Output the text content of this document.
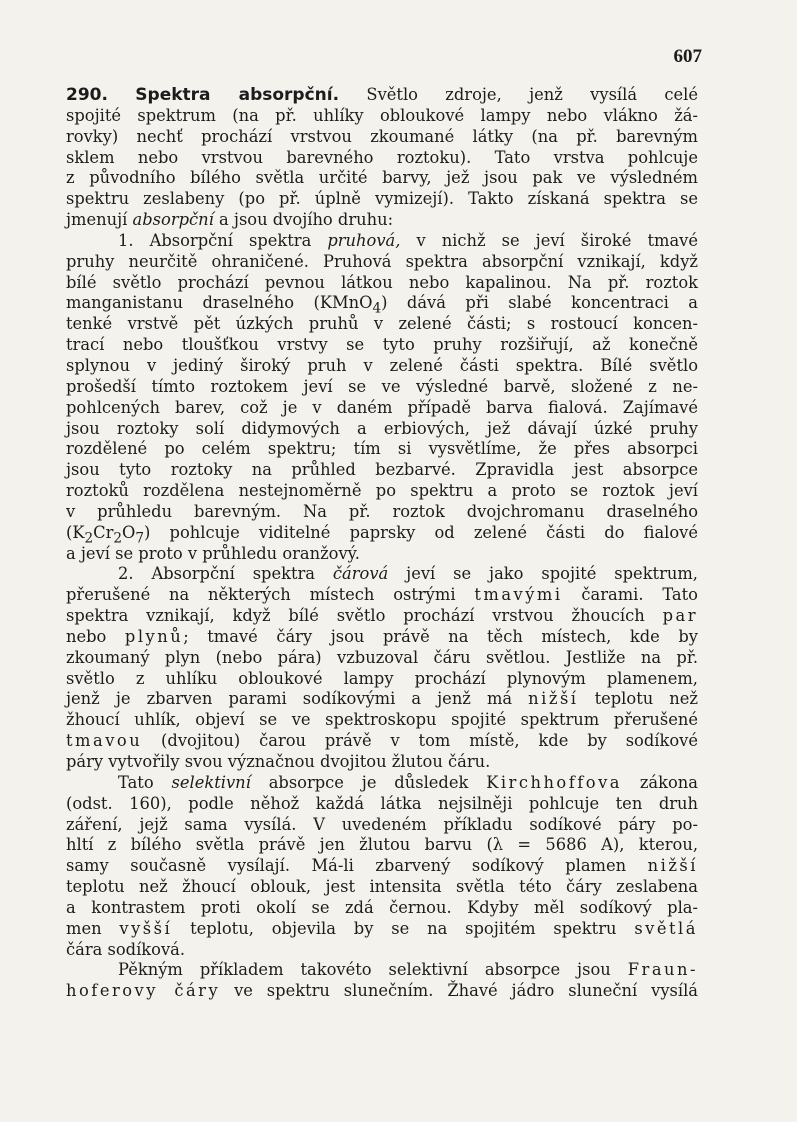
607
290. Spektra absorpční. Světlo zdroje, jenž vysílá celé
spojité spektrum (na př. uhlíky obloukové lampy nebo vlákno žá-
rovky) nechť prochází vrstvou zkoumané látky (na př. barevným
sklem nebo vrstvou barevného roztoku). Tato vrstva pohlcuje
z původního bílého světla určité barvy, jež jsou pak ve výsledném
spektru zeslabeny (po př. úplně vymizejí). Takto získaná spektra se
jmenují absorpční a jsou dvojího druhu:
1. Absorpční spektra pruhová, v nichž se jeví široké tmavé
pruhy neurčitě ohraničené. Pruhová spektra absorpční vznikají, když
bílé světlo prochází pevnou látkou nebo kapalinou. Na př. roztok
manganistanu draselného (KMnO$_4$) dává při slabé koncentraci a
tenké vrstvě pět úzkých pruhů v zelené části; s rostoucí koncen-
trací nebo tloušťkou vrstvy se tyto pruhy rozšiřují, až konečně
splynou v jediný široký pruh v zelené části spektra. Bílé světlo
prošedší tímto roztokem jeví se ve výsledné barvě, složené z ne-
pohlcených barev, což je v daném případě barva fialová. Zajímavé
jsou roztoky solí didymových a erbiových, jež dávají úzké pruhy
rozdělené po celém spektru; tím si vysvětlíme, že přes absorpci
jsou tyto roztoky na průhled bezbarvé. Zpravidla jest absorpce
roztoků rozdělena nestejnoměrně po spektru a proto se roztok jeví
v průhledu barevným. Na př. roztok dvojchromanu draselného
$(K_2Cr_2O_7)$ pohlcuje viditelné paprsky od zelené části do fialové
a jeví se proto v průhledu oranžový.
2. Absorpční spektra čárová jeví se jako spojité spektrum,
přerušené na některých místech ostrými tmavými čarami. Tato
spektra vznikají, když bílé světlo prochází vrstvou žhoucích par
nebo plynů; tmavé čáry jsou právě na těch místech, kde by
zkoumaný plyn (nebo pára) vzbuzoval čáru světlou. Jestliže na př.
světlo z uhlíku obloukové lampy prochází plynovým plamenem,
jenž je zbarven parami sodíkovými a jenž má nižší teplotu než
žhoucí uhlík, objeví se ve spektroskopu spojité spektrum přerušené
tmavou (dvojitou) čarou právě v tom místě, kde by sodíkové
páry vytvořily svou význačnou dvojitou žlutou čáru.
Tato selektivní absorpce je důsledek Kirchhoffova zákona
(odst. 160), podle něhož každá látka nejsilněji pohlcuje ten druh
záření, jejž sama vysílá. V uvedeném příkladu sodíkové páry po-
hltí z bílého světla právě jen žlutou barvu (λ = 5686 A), kterou,
samy současně vysílají. Má-li zbarvený sodíkový plamen nižší
teplotu než žhoucí oblouk, jest intensita světla této čáry zeslabena
a kontrastem proti okolí se zdá černou. Kdyby měl sodíkový pla-
men vyšší teplotu, objevila by se na spojitém spektru světlá
čára sodíková.
Pěkným příkladem takovéto selektivní absorpce jsou Fraun-
hoferovy čáry ve spektru slunečním. Žhavé jádro sluneční vysílá
